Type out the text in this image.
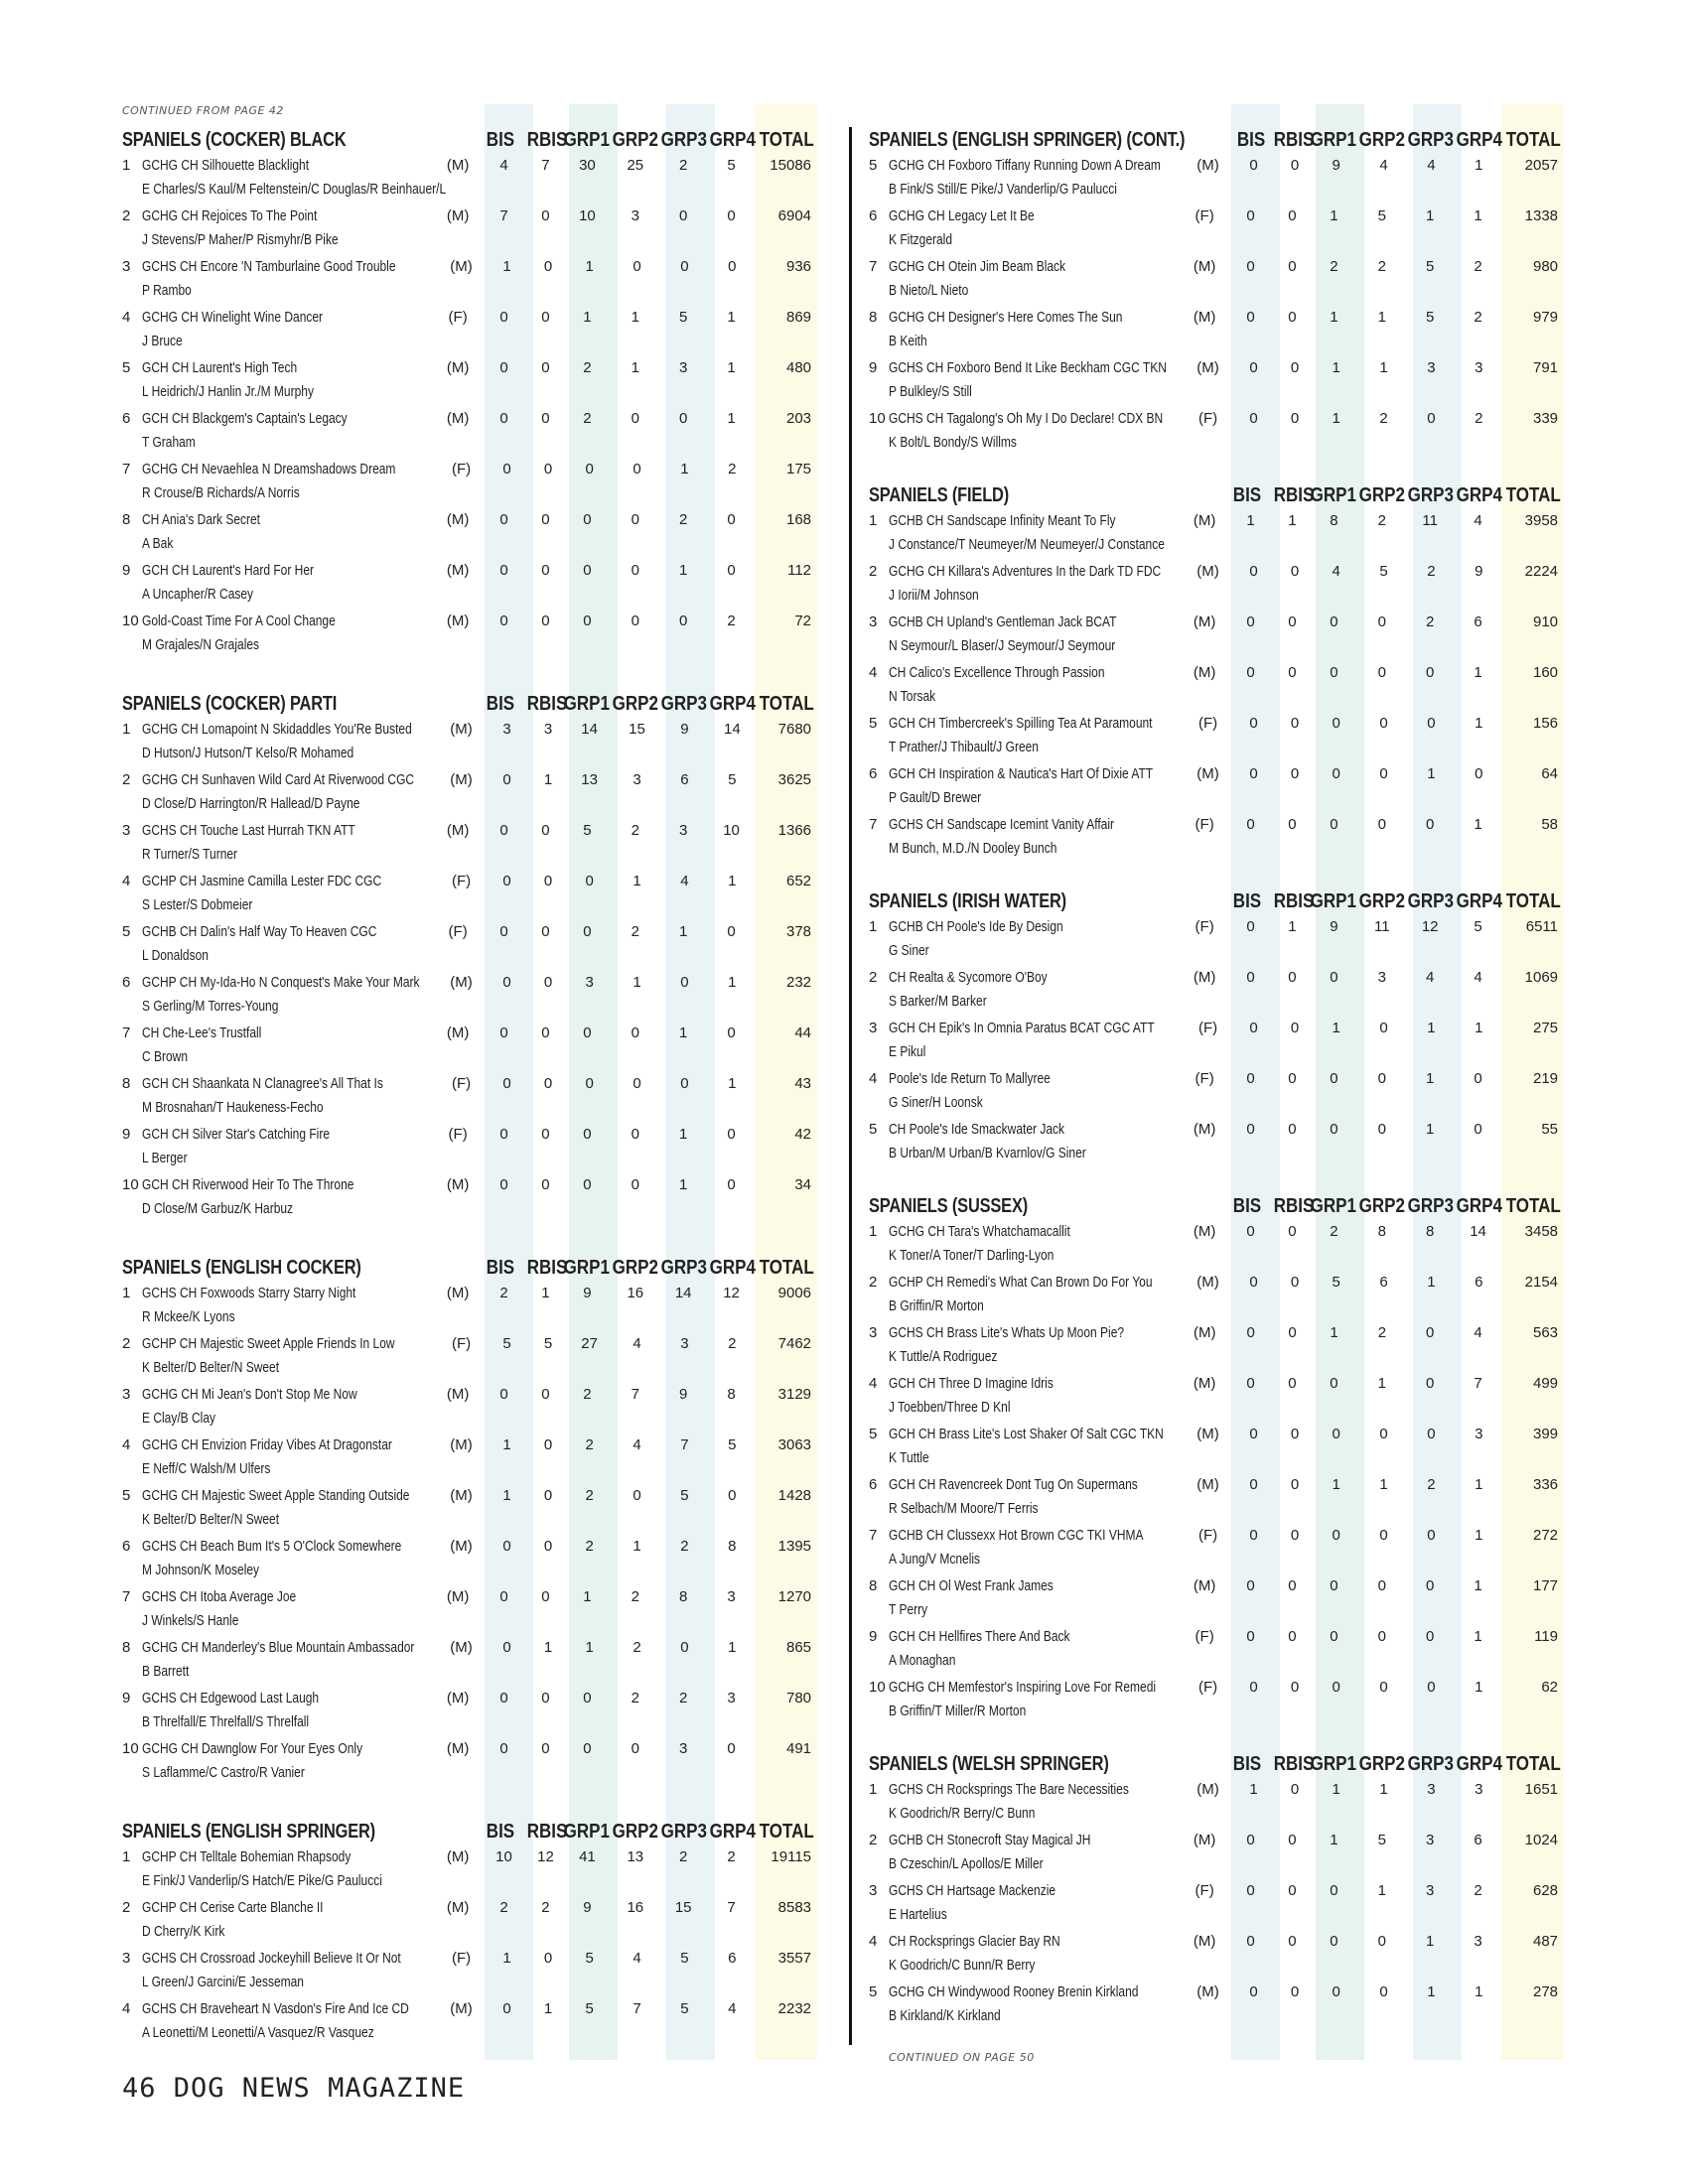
CONTINUED FROM PAGE 42
SPANIELS (COCKER) BLACK	BIS RBIS
GRP1 GRP2 GRP3 GRP4 TOTAL
1 GCHG CH Silhouette Blacklight	(M)	4	7	30	25	2	5	15086
E Charles/S Kaul/M Feltenstein/C Douglas/R Beinhauer/L
2 GCHG CH Rejoices To The Point	(M)	7	0	10	3	0	0	6904
J Stevens/P Maher/P Rismyhr/B Pike
3 GCHS CH Encore 'N Tamburlaine Good Trouble	(M)	1	0	1	0	0	0	936
P Rambo
4 GCHG CH Winelight Wine Dancer	(F)	0	0	1	1	5	1	869
J Bruce
5 GCH CH Laurent's High Tech	(M)	0	0	2	1	3	1	480
L Heidrich/J Hanlin Jr./M Murphy
6 GCH CH Blackgem's Captain's Legacy	(M)	0	0	2	0	0	1	203
T Graham
7 GCHG CH Nevaehlea N Dreamshadows Dream	(F)	0	0	0	0	1	2	175
R Crouse/B Richards/A Norris
8 CH Ania's Dark Secret	(M)	0	0	0	0	2	0	168
A Bak
9 GCH CH Laurent's Hard For Her	(M)	0	0	0	0	1	0	112
A Uncapher/R Casey
10 Gold-Coast Time For A Cool Change	(M)	0	0	0	0	0	2	72
M Grajales/N Grajales
SPANIELS (COCKER) PARTI	BIS RBIS
GRP1 GRP2 GRP3 GRP4 TOTAL
1 GCHG CH Lomapoint N Skidaddles You'Re Busted	(M)	3	3	14	15	9	14	7680
D Hutson/J Hutson/T Kelso/R Mohamed
2 GCHG CH Sunhaven Wild Card At Riverwood CGC	(M)	0	1	13	3	6	5	3625
D Close/D Harrington/R Hallead/D Payne
3 GCHS CH Touche Last Hurrah TKN ATT	(M)	0	0	5	2	3	10	1366
R Turner/S Turner
4 GCHP CH Jasmine Camilla Lester FDC CGC	(F)	0	0	0	1	4	1	652
S Lester/S Dobmeier
5 GCHB CH Dalin's Half Way To Heaven CGC	(F)	0	0	0	2	1	0	378
L Donaldson
6 GCHP CH My-Ida-Ho N Conquest's Make Your Mark	(M)	0	0	3	1	0	1	232
S Gerling/M Torres-Young
7 CH Che-Lee's Trustfall	(M)	0	0	0	0	1	0	44
C Brown
8 GCH CH Shaankata N Clanagree's All That Is	(F)	0	0	0	0	0	1	43
M Brosnahan/T Haukeness-Fecho
9 GCH CH Silver Star's Catching Fire	(F)	0	0	0	0	1	0	42
L Berger
10 GCH CH Riverwood Heir To The Throne	(M)	0	0	0	0	1	0	34
D Close/M Garbuz/K Harbuz
SPANIELS (ENGLISH COCKER)	BIS RBIS
GRP1 GRP2 GRP3 GRP4 TOTAL
1 GCHS CH Foxwoods Starry Starry Night	(M)	2	1	9	16	14	12	9006
R Mckee/K Lyons
2 GCHP CH Majestic Sweet Apple Friends In Low	(F)	5	5	27	4	3	2	7462
K Belter/D Belter/N Sweet
3 GCHG CH Mi Jean's Don't Stop Me Now	(M)	0	0	2	7	9	8	3129
E Clay/B Clay
4 GCHG CH Envizion Friday Vibes At Dragonstar	(M)	1	0	2	4	7	5	3063
E Neff/C Walsh/M Ulfers
5 GCHG CH Majestic Sweet Apple Standing Outside	(M)	1	0	2	0	5	0	1428
K Belter/D Belter/N Sweet
6 GCHS CH Beach Bum It's 5 O'Clock Somewhere	(M)	0	0	2	1	2	8	1395
M Johnson/K Moseley
7 GCHS CH Itoba Average Joe	(M)	0	0	1	2	8	3	1270
J Winkels/S Hanle
8 GCHG CH Manderley's Blue Mountain Ambassador	(M)	0	1	1	2	0	1	865
B Barrett
9 GCHS CH Edgewood Last Laugh	(M)	0	0	0	2	2	3	780
B Threlfall/E Threlfall/S Threlfall
10 GCHG CH Dawnglow For Your Eyes Only	(M)	0	0	0	0	3	0	491
S Laflamme/C Castro/R Vanier
SPANIELS (ENGLISH SPRINGER)	BIS RBIS
GRP1 GRP2 GRP3 GRP4 TOTAL
1 GCHP CH Telltale Bohemian Rhapsody	(M)	10	12	41	13	2	2	19115
E Fink/J Vanderlip/S Hatch/E Pike/G Paulucci
2 GCHP CH Cerise Carte Blanche II	(M)	2	2	9	16	15	7	8583
D Cherry/K Kirk
3 GCHS CH Crossroad Jockeyhill Believe It Or Not	(F)	1	0	5	4	5	6	3557
L Green/J Garcini/E Jesseman
4 GCHS CH Braveheart N Vasdon's Fire And Ice CD	(M)	0	1	5	7	5	4	2232
A Leonetti/M Leonetti/A Vasquez/R Vasquez
SPANIELS (ENGLISH SPRINGER) (CONT.)	BIS RBIS
GRP1 GRP2 GRP3 GRP4 TOTAL
5 GCHG CH Foxboro Tiffany Running Down A Dream	(M)	0	0	9	4	4	1	2057
B Fink/S Still/E Pike/J Vanderlip/G Paulucci
6 GCHG CH Legacy Let It Be	(F)	0	0	1	5	1	1	1338
K Fitzgerald
7 GCHG CH Otein Jim Beam Black	(M)	0	0	2	2	5	2	980
B Nieto/L Nieto
8 GCHG CH Designer's Here Comes The Sun	(M)	0	0	1	1	5	2	979
B Keith
9 GCHS CH Foxboro Bend It Like Beckham CGC TKN	(M)	0	0	1	1	3	3	791
P Bulkley/S Still
10 GCHS CH Tagalong's Oh My I Do Declare! CDX BN	(F)	0	0	1	2	0	2	339
K Bolt/L Bondy/S Willms
SPANIELS (FIELD)	BIS RBIS
GRP1 GRP2 GRP3 GRP4 TOTAL
1 GCHB CH Sandscape Infinity Meant To Fly	(M)	1	1	8	2	11	4	3958
J Constance/T Neumeyer/M Neumeyer/J Constance
2 GCHG CH Killara's Adventures In the Dark TD FDC	(M)	0	0	4	5	2	9	2224
J Iorii/M Johnson
3 GCHB CH Upland's Gentleman Jack BCAT	(M)	0	0	0	0	2	6	910
N Seymour/L Blaser/J Seymour/J Seymour
4 CH Calico's Excellence Through Passion	(M)	0	0	0	0	0	1	160
N Torsak
5 GCH CH Timbercreek's Spilling Tea At Paramount	(F)	0	0	0	0	0	1	156
T Prather/J Thibault/J Green
6 GCH CH Inspiration & Nautica's Hart Of Dixie ATT	(M)	0	0	0	0	1	0	64
P Gault/D Brewer
7 GCHS CH Sandscape Icemint Vanity Affair	(F)	0	0	0	0	0	1	58
M Bunch, M.D./N Dooley Bunch
SPANIELS (IRISH WATER)	BIS RBIS
GRP1 GRP2 GRP3 GRP4 TOTAL
1 GCHB CH Poole's Ide By Design	(F)	0	1	9	11	12	5	6511
G Siner
2 CH Realta & Sycomore O'Boy	(M)	0	0	0	3	4	4	1069
S Barker/M Barker
3 GCH CH Epik's In Omnia Paratus BCAT CGC ATT	(F)	0	0	1	0	1	1	275
E Pikul
4 Poole's Ide Return To Mallyree	(F)	0	0	0	0	1	0	219
G Siner/H Loonsk
5 CH Poole's Ide Smackwater Jack	(M)	0	0	0	0	1	0	55
B Urban/M Urban/B Kvarnlov/G Siner
SPANIELS (SUSSEX)	BIS RBIS
GRP1 GRP2 GRP3 GRP4 TOTAL
1 GCHG CH Tara's Whatchamacallit	(M)	0	0	2	8	8	14	3458
K Toner/A Toner/T Darling-Lyon
2 GCHP CH Remedi's What Can Brown Do For You	(M)	0	0	5	6	1	6	2154
B Griffin/R Morton
3 GCHS CH Brass Lite's Whats Up Moon Pie?	(M)	0	0	1	2	0	4	563
K Tuttle/A Rodriguez
4 GCH CH Three D Imagine Idris	(M)	0	0	0	1	0	7	499
J Toebben/Three D Knl
5 GCH CH Brass Lite's Lost Shaker Of Salt CGC TKN	(M)	0	0	0	0	0	3	399
K Tuttle
6 GCH CH Ravencreek Dont Tug On Supermans	(M)	0	0	1	1	2	1	336
R Selbach/M Moore/T Ferris
7 GCHB CH Clussexx Hot Brown CGC TKI VHMA	(F)	0	0	0	0	0	1	272
A Jung/V Mcnelis
8 GCH CH Ol West Frank James	(M)	0	0	0	0	0	1	177
T Perry
9 GCH CH Hellfires There And Back	(F)	0	0	0	0	0	1	119
A Monaghan
10 GCHG CH Memfestor's Inspiring Love For Remedi	(F)	0	0	0	0	0	1	62
B Griffin/T Miller/R Morton
SPANIELS (WELSH SPRINGER)	BIS RBIS
GRP1 GRP2 GRP3 GRP4 TOTAL
1 GCHS CH Rocksprings The Bare Necessities	(M)	1	0	1	1	3	3	1651
K Goodrich/R Berry/C Bunn
2 GCHB CH Stonecroft Stay Magical JH	(M)	0	0	1	5	3	6	1024
B Czeschin/L Apollos/E Miller
3 GCHS CH Hartsage Mackenzie	(F)	0	0	0	1	3	2	628
E Hartelius
4 CH Rocksprings Glacier Bay RN	(M)	0	0	0	0	1	3	487
K Goodrich/C Bunn/R Berry
5 GCHG CH Windywood Rooney Brenin Kirkland	(M)	0	0	0	0	1	1	278
B Kirkland/K Kirkland
CONTINUED ON PAGE 50
46 DOG NEWS MAGAZINE
